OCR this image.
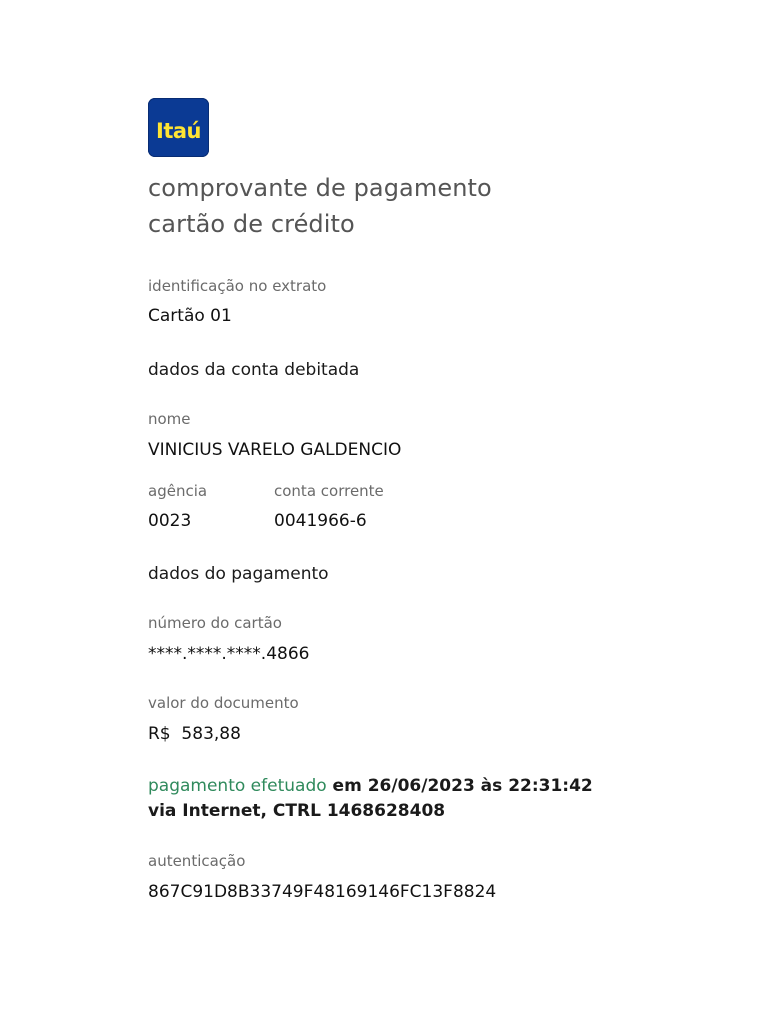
Itaú
comprovante de pagamento
cartão de crédito
identificação no extrato
Cartão 01
dados da conta debitada
nome
VINICIUS VARELO GALDENCIO
agência	conta corrente
0023	0041966-6
dados do pagamento
número do cartão
****.****.****.4866
valor do documento
R$  583,88
pagamento efetuado em 26/06/2023 às 22:31:42
via Internet, CTRL 1468628408
autenticação
867C91D8B33749F48169146FC13F8824
